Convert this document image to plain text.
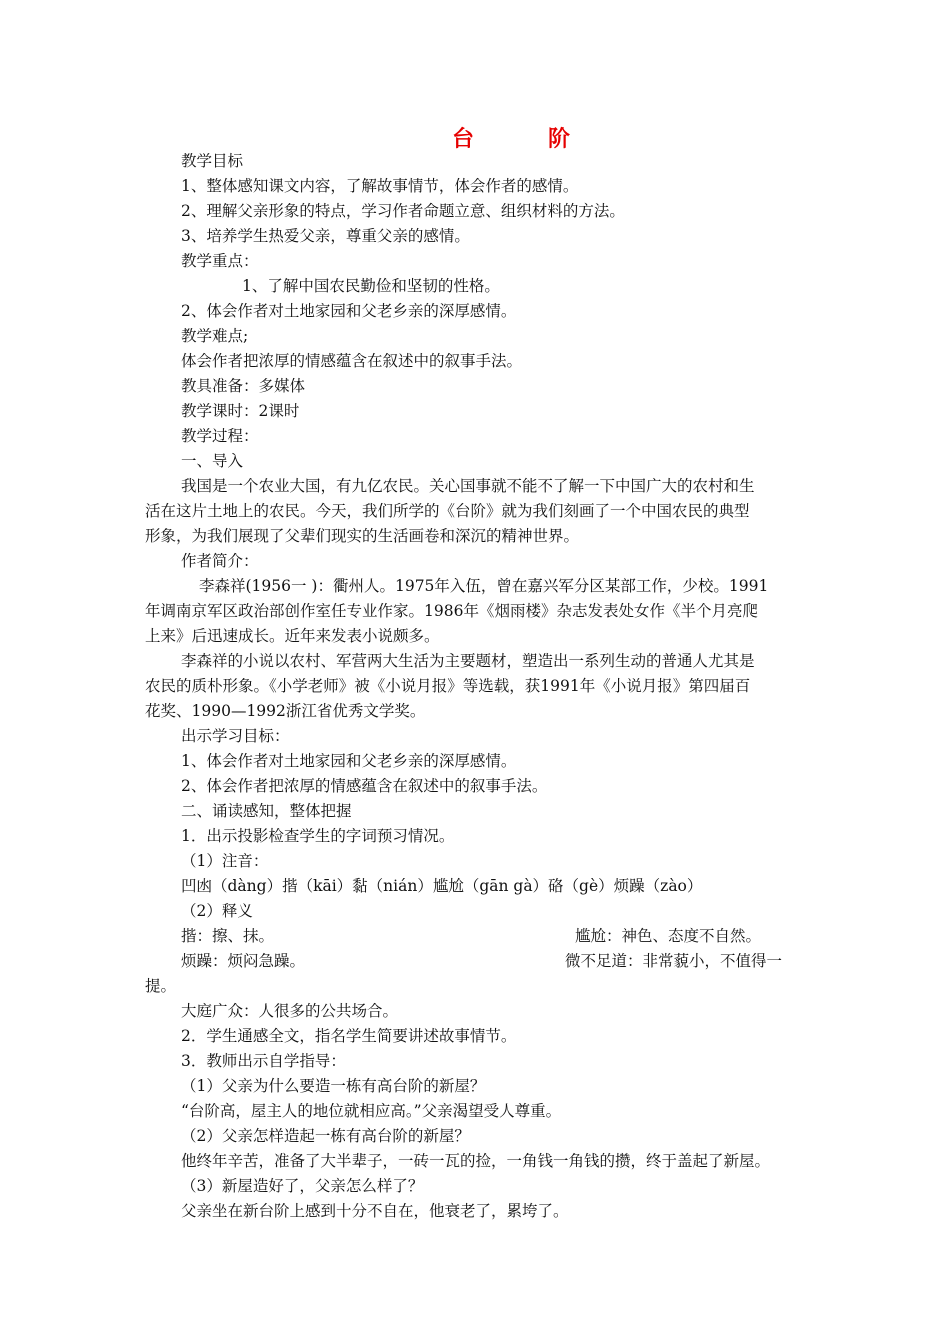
台　阶
教学目标
1、整体感知课文内容，了解故事情节，体会作者的感情。
2、理解父亲形象的特点，学习作者命题立意、组织材料的方法。
3、培养学生热爱父亲，尊重父亲的感情。
教学重点：
1、了解中国农民勤俭和坚韧的性格。
2、体会作者对土地家园和父老乡亲的深厚感情。
教学难点;
体会作者把浓厚的情感蕴含在叙述中的叙事手法。
教具准备：多媒体
教学课时：2课时
教学过程：
一、导入
我国是一个农业大国，有九亿农民。关心国事就不能不了解一下中国广大的农村和生
活在这片土地上的农民。今天，我们所学的《台阶》就为我们刻画了一个中国农民的典型
形象，为我们展现了父辈们现实的生活画卷和深沉的精神世界。
作者简介：
李森祥(1956一 )：衢州人。1975年入伍，曾在嘉兴军分区某部工作，少校。1991
年调南京军区政治部创作室任专业作家。1986年《烟雨楼》杂志发表处女作《半个月亮爬
上来》后迅速成长。近年来发表小说颇多。
李森祥的小说以农村、军营两大生活为主要题材，塑造出一系列生动的普通人尤其是
农民的质朴形象。《小学老师》被《小说月报》等选载，获1991年《小说月报》第四届百
花奖、1990—1992浙江省优秀文学奖。
出示学习目标：
1、体会作者对土地家园和父老乡亲的深厚感情。
2、体会作者把浓厚的情感蕴含在叙述中的叙事手法。
二、诵读感知，整体把握
1．出示投影检查学生的字词预习情况。
（1）注音：
凹凼（dàng）揩（kāi）黏（nián）尴尬（gān gà）硌（gè）烦躁（zào）
（2）释义
揩：擦、抹。	尴尬：神色、态度不自然。
烦躁：烦闷急躁。	微不足道：非常藐小，不值得一
提。
大庭广众：人很多的公共场合。
2．学生通感全文，指名学生简要讲述故事情节。
3．教师出示自学指导：
（1）父亲为什么要造一栋有高台阶的新屋？
“台阶高，屋主人的地位就相应高。”父亲渴望受人尊重。
（2）父亲怎样造起一栋有高台阶的新屋？
他终年辛苦，准备了大半辈子，一砖一瓦的捡，一角钱一角钱的攒，终于盖起了新屋。
（3）新屋造好了，父亲怎么样了？
父亲坐在新台阶上感到十分不自在，他衰老了，累垮了。
